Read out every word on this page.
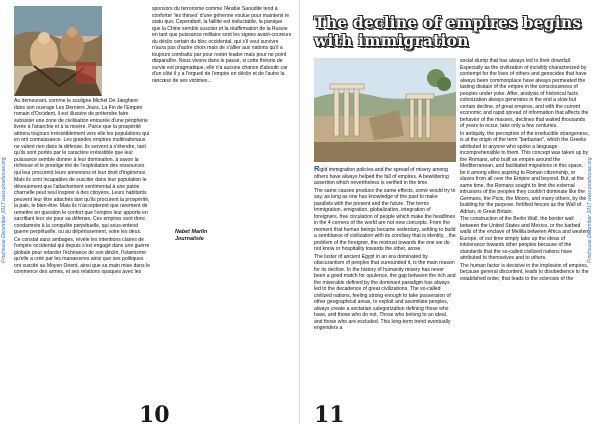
Pinehouse December 2017 www.pinehouse.org

Au demeurant, comme le souligne Michel De Jaeghere dans son ouvrage Les Derniers Jours. La Fin de l'Empire romain d'Occident, il est illusoire de prétendre faire subsister une zone de civilisation entourée d'une périphérie livrée à l'anarchie et à la misère. Parce que la prospérité attirera toujours irrésistiblement vers elle les populations qui en ont connaissance. Les grandes empires multinationaux ne valent rien dans la défense. Ils servent à s'étendre, tant qu'ils sont portés par le caractère irrésistible que leur puissance semble donner à leur domination, à savoir la richesse et le prestige tiré de l'exploitation des ressources qui leur procurent leurs annexions et leur droit d'ingérence.

Mais ils sont incapables de susciter dans leur population le dévouement que l'attachement sentimental à une patrie charnelle peut seul inspirer à des citoyens. Leurs habitants peuvent leur être attachés tant qu'ils procurent la prospérité, la paix, le bien-être. Mais ils n'accepteront que rarement de remettre en question le confort que l'empire leur apporte en sacrifiant leur vie pour sa défense. Ces empires sont donc condamnés à la conquête perpétuelle, qui sous-entend guerre perpétuelle, ou au dépérissement, voire les deux.

Ce constat sans ambages, révèle les intentions claires de l'empire occidental qui depuis s'est engagé dans une guerre globale pour retarder l'échéance de son déclin, l'islamisme qu'elle a créé par les manœuvres ainsi que ses politiques ont suscité au Moyen Orient, ainsi que sa main mise dans le commerce des armes, et ses relations opaques avec les

sponsors du terrorisme comme l'Arabie Saoudite tend à conforter 'les thèses' d'une géhenne voulue pour maintenir le statu quo. Cependant, la faillite est inéluctable, la panique que la Chine semble susciter et la réaffirmation de la Russie en tant que puissance militaire sont les signes avant-coureurs du déclin certain du bloc occidental, qui s'il veut survivre n'aura pas d'autre choix mais de s'allier aux nations qu'il a toujours combattu par pour rester leader mais pour ne point disparaître. Nous vivons dans le passé, si cette théorie de survie est pragmatique, elle n'a aucune chance d'aboutir car d'un côté il y a l'orgueil de l'empire en déclin et de l'autre la rancœur de ses victimes...

Nabet Marlin
Journaliste
10
The decline of empires begins with immigration

Rigid immigration policies and the spread of misery among others have always helped the fall of empires. A bewildering assertion which nevertheless is verified in the time.

The same causes produce the same effects, some would try to say, as long as one has knowledge of the past to make parallels with the present and the future. The terms Immigration, emigration, globalization, integration of foreigners, free circulation of people which make the headlines in the 4 corners of the world are not new concepts. From the moment that human beings became sedentary, settling to build a semblance of civilization with its corollary that is identity, , the problem of the foreigner, the mistrust towards the one we do not know or hospitality towards the other, arose.

The luster of ancient Egypt in an era dominated by obscurantism of peoples that surrounded it, is the main reason for its decline. In the history of humanity misery has never been a good match for opulence, the gap between the rich and the miserable defined by the dominant paradigm has always led to the decadence of great civilizations. The so-called civilized nations, feeling strong enough to take possession of other geographical areas, to exploit and assimilate peoples, always create a sectarian categorization defining those who have, and those who do not. Those who belong to an ideal, and those who are excluded. This long-term trend eventually engenders a

social slump that has always led to their downfall. Especially as the civilization of incivility characterized by contempt for the lives of others and genocides that have always been commonplace have always permeated the lasting disdain of the empire in the consciousness of peoples under yoke. After, analysis of historical facts colonization always generates in the end a slow but certain decline, of great empires, and with the current economic and rapid spread of information that affects the behavior of the masses, declines that waited thousands of years to occur, take only a few centuries.

In antiquity, the perception of the irreducible strangeness, is at the origin of the term "barbarian", which the Greeks attributed to anyone who spoke a language incomprehensible to them. This concept was taken up by the Romans, who built an empire around the Mediterranean, and facilitated migrations in this space, be it among elites aspiring to Roman citizenship, or slaves from all over the Empire and beyond. But, at the same time, the Romans sought to limit the external intrusions of the peoples they couldn't dominate like the Germans, the Picts, the Moors, and many others, by the building for the purpose, fortified fences as the Wall of Adrian, in Great Britain.

The construction of the Berlin Wall, the border wall between the United States and Mexico, or the barbed walls of the enclave of Melilla between Africa and western Europe, of our time simply take up the ideas of intolerance towards other peoples because of the standards that the so-called civilized nations have attributed to themselves and to others.

The human factor is decisive in the implosion of empires, because general discontent, leads to disobedience to the established order, that leads to the sclerosis of the

11
Pinehouse December 2017 www.pinehouse.org
